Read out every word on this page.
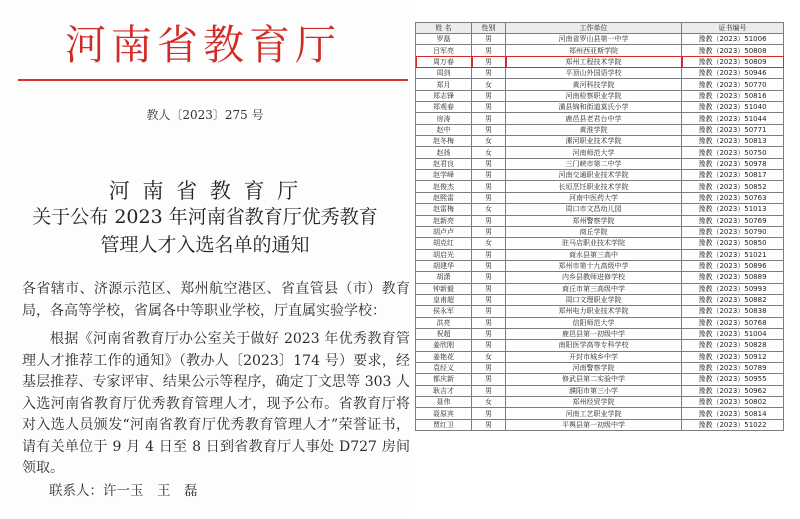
河南省教育厅
教人〔2023〕275 号
河 南 省 教 育 厅
关于公布 2023 年河南省教育厅优秀教育
管理人才入选名单的通知
各省辖市、济源示范区、郑州航空港区、省直管县（市）教育局，各高等学校，省属各中等职业学校，厅直属实验学校：
根据《河南省教育厅办公室关于做好 2023 年优秀教育管理人才推荐工作的通知》（教办人〔2023〕174 号）要求，经基层推荐、专家评审、结果公示等程序，确定丁文思等 303 人入选河南省教育厅优秀教育管理人才，现予公布。省教育厅将对入选人员颁发“河南省教育厅优秀教育管理人才”荣誉证书，请有关单位于 9 月 4 日至 8 日到省教育厅人事处 D727 房间领取。
联系人：许一玉　王　磊
姓 名	性别	工作单位	证书编号
罗磊	男	河南省罗山县第一中学	豫教（2023）51006
吕军亮	男	郑州西亚斯学院	豫教（2023）50808
周万春	男	郑州工程技术学院	豫教（2023）50809
周剑	男	平顶山外国语学校	豫教（2023）50946
郑月	女	黄河科技学院	豫教（2023）50770
郑志锋	男	河南检察职业学院	豫教（2023）50816
郑观春	男	潢县锦和街道莫氏小学	豫教（2023）51040
房涛	男	鹿邑县老君台中学	豫教（2023）51044
赵中	男	黄淮学院	豫教（2023）50771
赵冬梅	女	漯河职业技术学院	豫教（2023）50813
赵扬	女	河南师范大学	豫教（2023）50750
赵君良	男	三门峡市第二中学	豫教（2023）50978
赵学峰	男	河南交通职业技术学院	豫教（2023）50817
赵俊杰	男	长垣烹饪职业技术学院	豫教（2023）50852
赵熙雷	男	河南中医药大学	豫教（2023）50763
赵雷梅	女	周口市文昌幼儿园	豫教（2023）51013
赵新亮	男	郑州警察学院	豫教（2023）50769
胡卢卢	男	商丘学院	豫教（2023）50790
胡克红	女	驻马店职业技术学院	豫教（2023）50850
胡启光	男	商水县第三高中	豫教（2023）51021
胡建华	男	郑州市第十九高级中学	豫教（2023）50896
胡潇	男	内乡县教师进修学校	豫教（2023）50889
钟新毅	男	商丘市第三高级中学	豫教（2023）50993
皇甫超	男	周口文理职业学院	豫教（2023）50882
侯永军	男	郑州电力职业技术学院	豫教（2023）50838
洪亮	男	信阳师范大学	豫教（2023）50768
祝超	男	鹿邑县第一初级中学	豫教（2023）51004
姜欣刚	男	南阳医学高等专科学校	豫教（2023）50828
姜艳花	女	开封市城乡中学	豫教（2023）50912
袁经义	男	河南警察学院	豫教（2023）50789
都庆新	男	修武县第二实验中学	豫教（2023）50955
耿吉才	男	濮阳市第三小学	豫教（2023）50962
聂伟	女	郑州经贸学院	豫教（2023）50802
聂原宾	男	河南工艺职业学院	豫教（2023）50814
贾红卫	男	平舆县第一初级中学	豫教（2023）51022
